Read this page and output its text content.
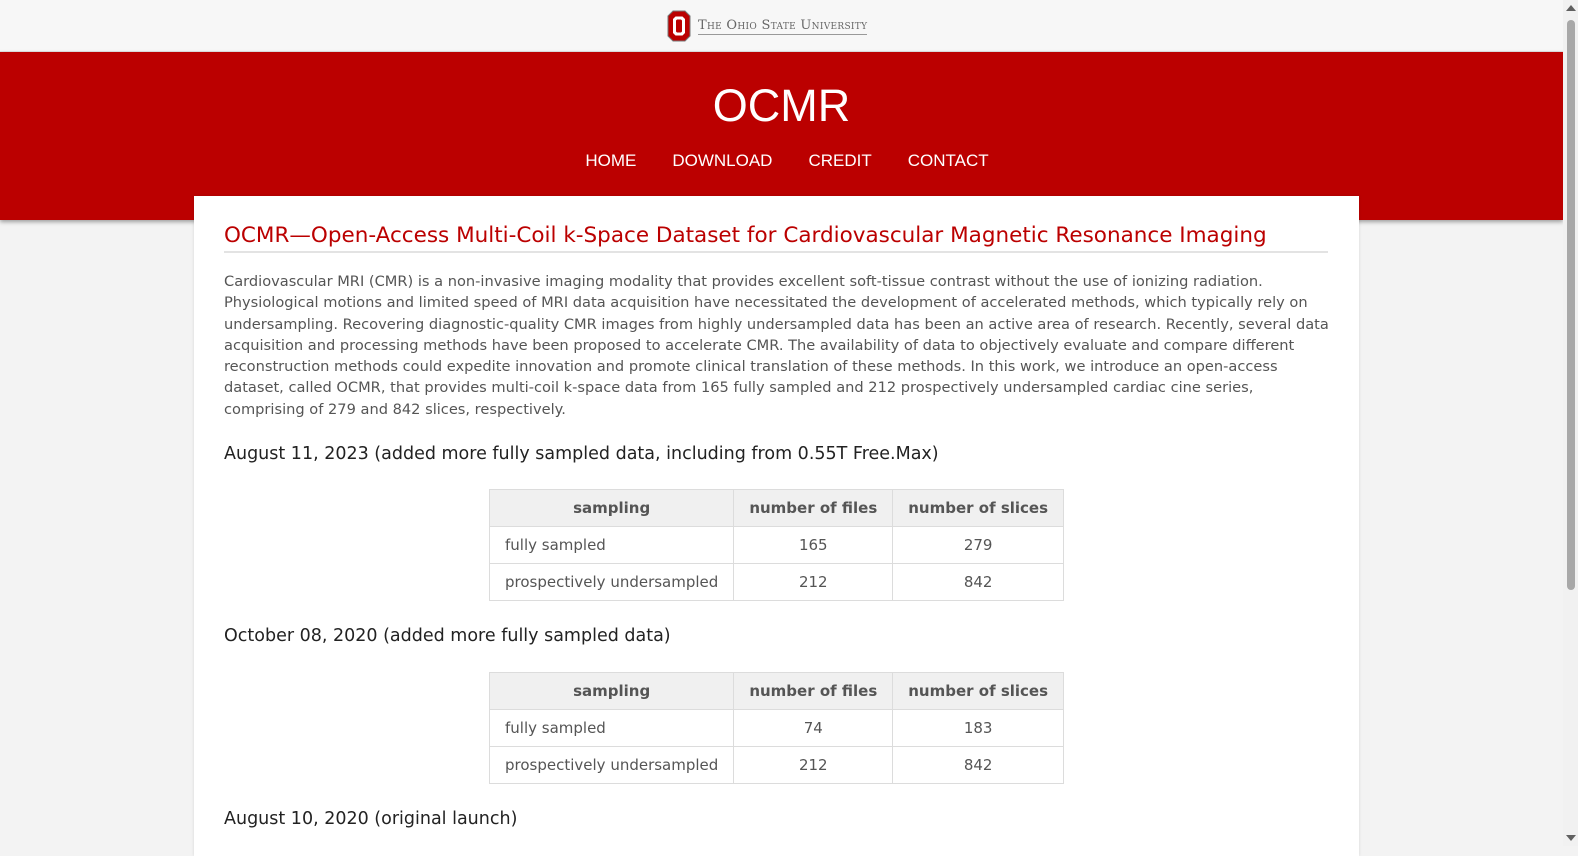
The Ohio State University
OCMR
HOME DOWNLOAD CREDIT CONTACT
OCMR—Open-Access Multi-Coil k-Space Dataset for Cardiovascular Magnetic Resonance Imaging

Cardiovascular MRI (CMR) is a non-invasive imaging modality that provides excellent soft-tissue contrast without the use of ionizing radiation. Physiological motions and limited speed of MRI data acquisition have necessitated the development of accelerated methods, which typically rely on undersampling. Recovering diagnostic-quality CMR images from highly undersampled data has been an active area of research. Recently, several data acquisition and processing methods have been proposed to accelerate CMR. The availability of data to objectively evaluate and compare different reconstruction methods could expedite innovation and promote clinical translation of these methods. In this work, we introduce an open-access dataset, called OCMR, that provides multi-coil k-space data from 165 fully sampled and 212 prospectively undersampled cardiac cine series, comprising of 279 and 842 slices, respectively.

August 11, 2023 (added more fully sampled data, including from 0.55T Free.Max)
sampling	number of files	number of slices
fully sampled	165	279
prospectively undersampled	212	842
October 08, 2020 (added more fully sampled data)
sampling	number of files	number of slices
fully sampled	74	183
prospectively undersampled	212	842
August 10, 2020 (original launch)
